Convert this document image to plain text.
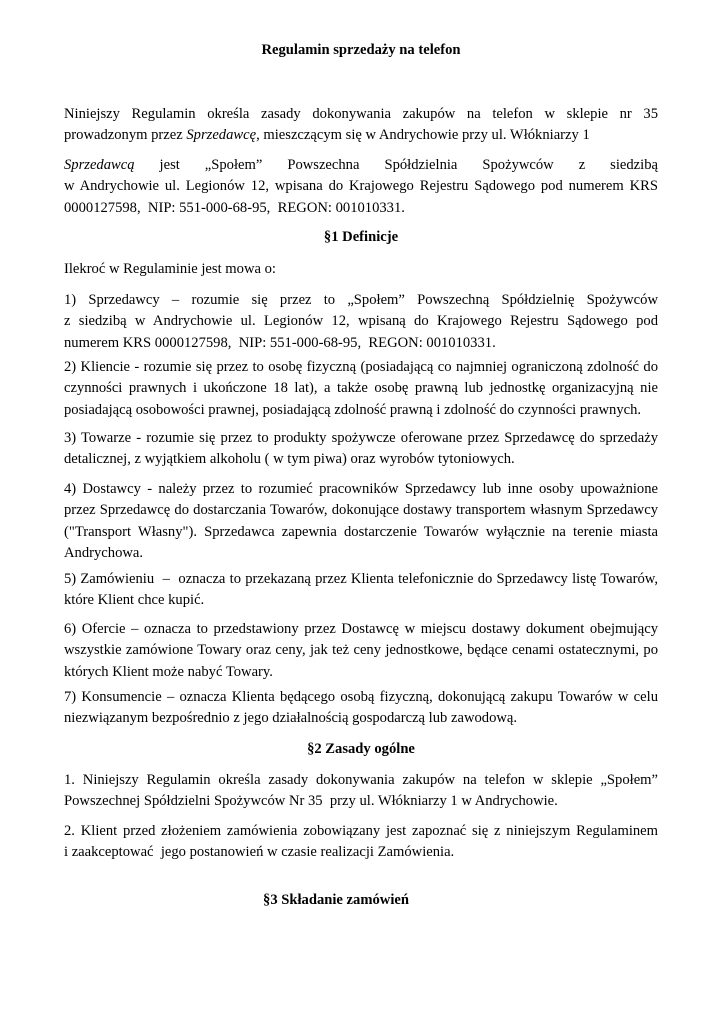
Regulamin sprzedaży na telefon
Niniejszy Regulamin określa zasady dokonywania zakupów na telefon w sklepie nr 35
prowadzonym przez Sprzedawcę, mieszczącym się w Andrychowie przy ul. Włókniarzy 1
Sprzedawcą jest „Społem” Powszechna Spółdzielnia Spożywców z siedzibą
w Andrychowie ul. Legionów 12, wpisana do Krajowego Rejestru Sądowego pod numerem KRS
0000127598,  NIP: 551-000-68-95,  REGON: 001010331.
§1 Definicje
Ilekroć w Regulaminie jest mowa o:
1) Sprzedawcy – rozumie się przez to „Społem” Powszechną Spółdzielnię Spożywców
z siedzibą w Andrychowie ul. Legionów 12, wpisaną do Krajowego Rejestru Sądowego pod
numerem KRS 0000127598,  NIP: 551-000-68-95,  REGON: 001010331.
2) Kliencie - rozumie się przez to osobę fizyczną (posiadającą co najmniej ograniczoną zdolność do
czynności prawnych i ukończone 18 lat), a także osobę prawną lub jednostkę organizacyjną nie
posiadającą osobowości prawnej, posiadającą zdolność prawną i zdolność do czynności prawnych.
3) Towarze - rozumie się przez to produkty spożywcze oferowane przez Sprzedawcę do sprzedaży
detalicznej, z wyjątkiem alkoholu ( w tym piwa) oraz wyrobów tytoniowych.
4) Dostawcy - należy przez to rozumieć pracowników Sprzedawcy lub inne osoby upoważnione
przez Sprzedawcę do dostarczania Towarów, dokonujące dostawy transportem własnym Sprzedawcy
("Transport Własny"). Sprzedawca zapewnia dostarczenie Towarów wyłącznie na terenie miasta
Andrychowa.
5) Zamówieniu  –  oznacza to przekazaną przez Klienta telefonicznie do Sprzedawcy listę Towarów,
które Klient chce kupić.
6) Ofercie – oznacza to przedstawiony przez Dostawcę w miejscu dostawy dokument obejmujący
wszystkie zamówione Towary oraz ceny, jak też ceny jednostkowe, będące cenami ostatecznymi, po
których Klient może nabyć Towary.
7) Konsumencie – oznacza Klienta będącego osobą fizyczną, dokonującą zakupu Towarów w celu
niezwiązanym bezpośrednio z jego działalnością gospodarczą lub zawodową.
§2 Zasady ogólne
1. Niniejszy Regulamin określa zasady dokonywania zakupów na telefon w sklepie „Społem”
Powszechnej Spółdzielni Spożywców Nr 35  przy ul. Włókniarzy 1 w Andrychowie.
2. Klient przed złożeniem zamówienia zobowiązany jest zapoznać się z niniejszym Regulaminem
i zaakceptować  jego postanowień w czasie realizacji Zamówienia.
§3 Składanie zamówień
